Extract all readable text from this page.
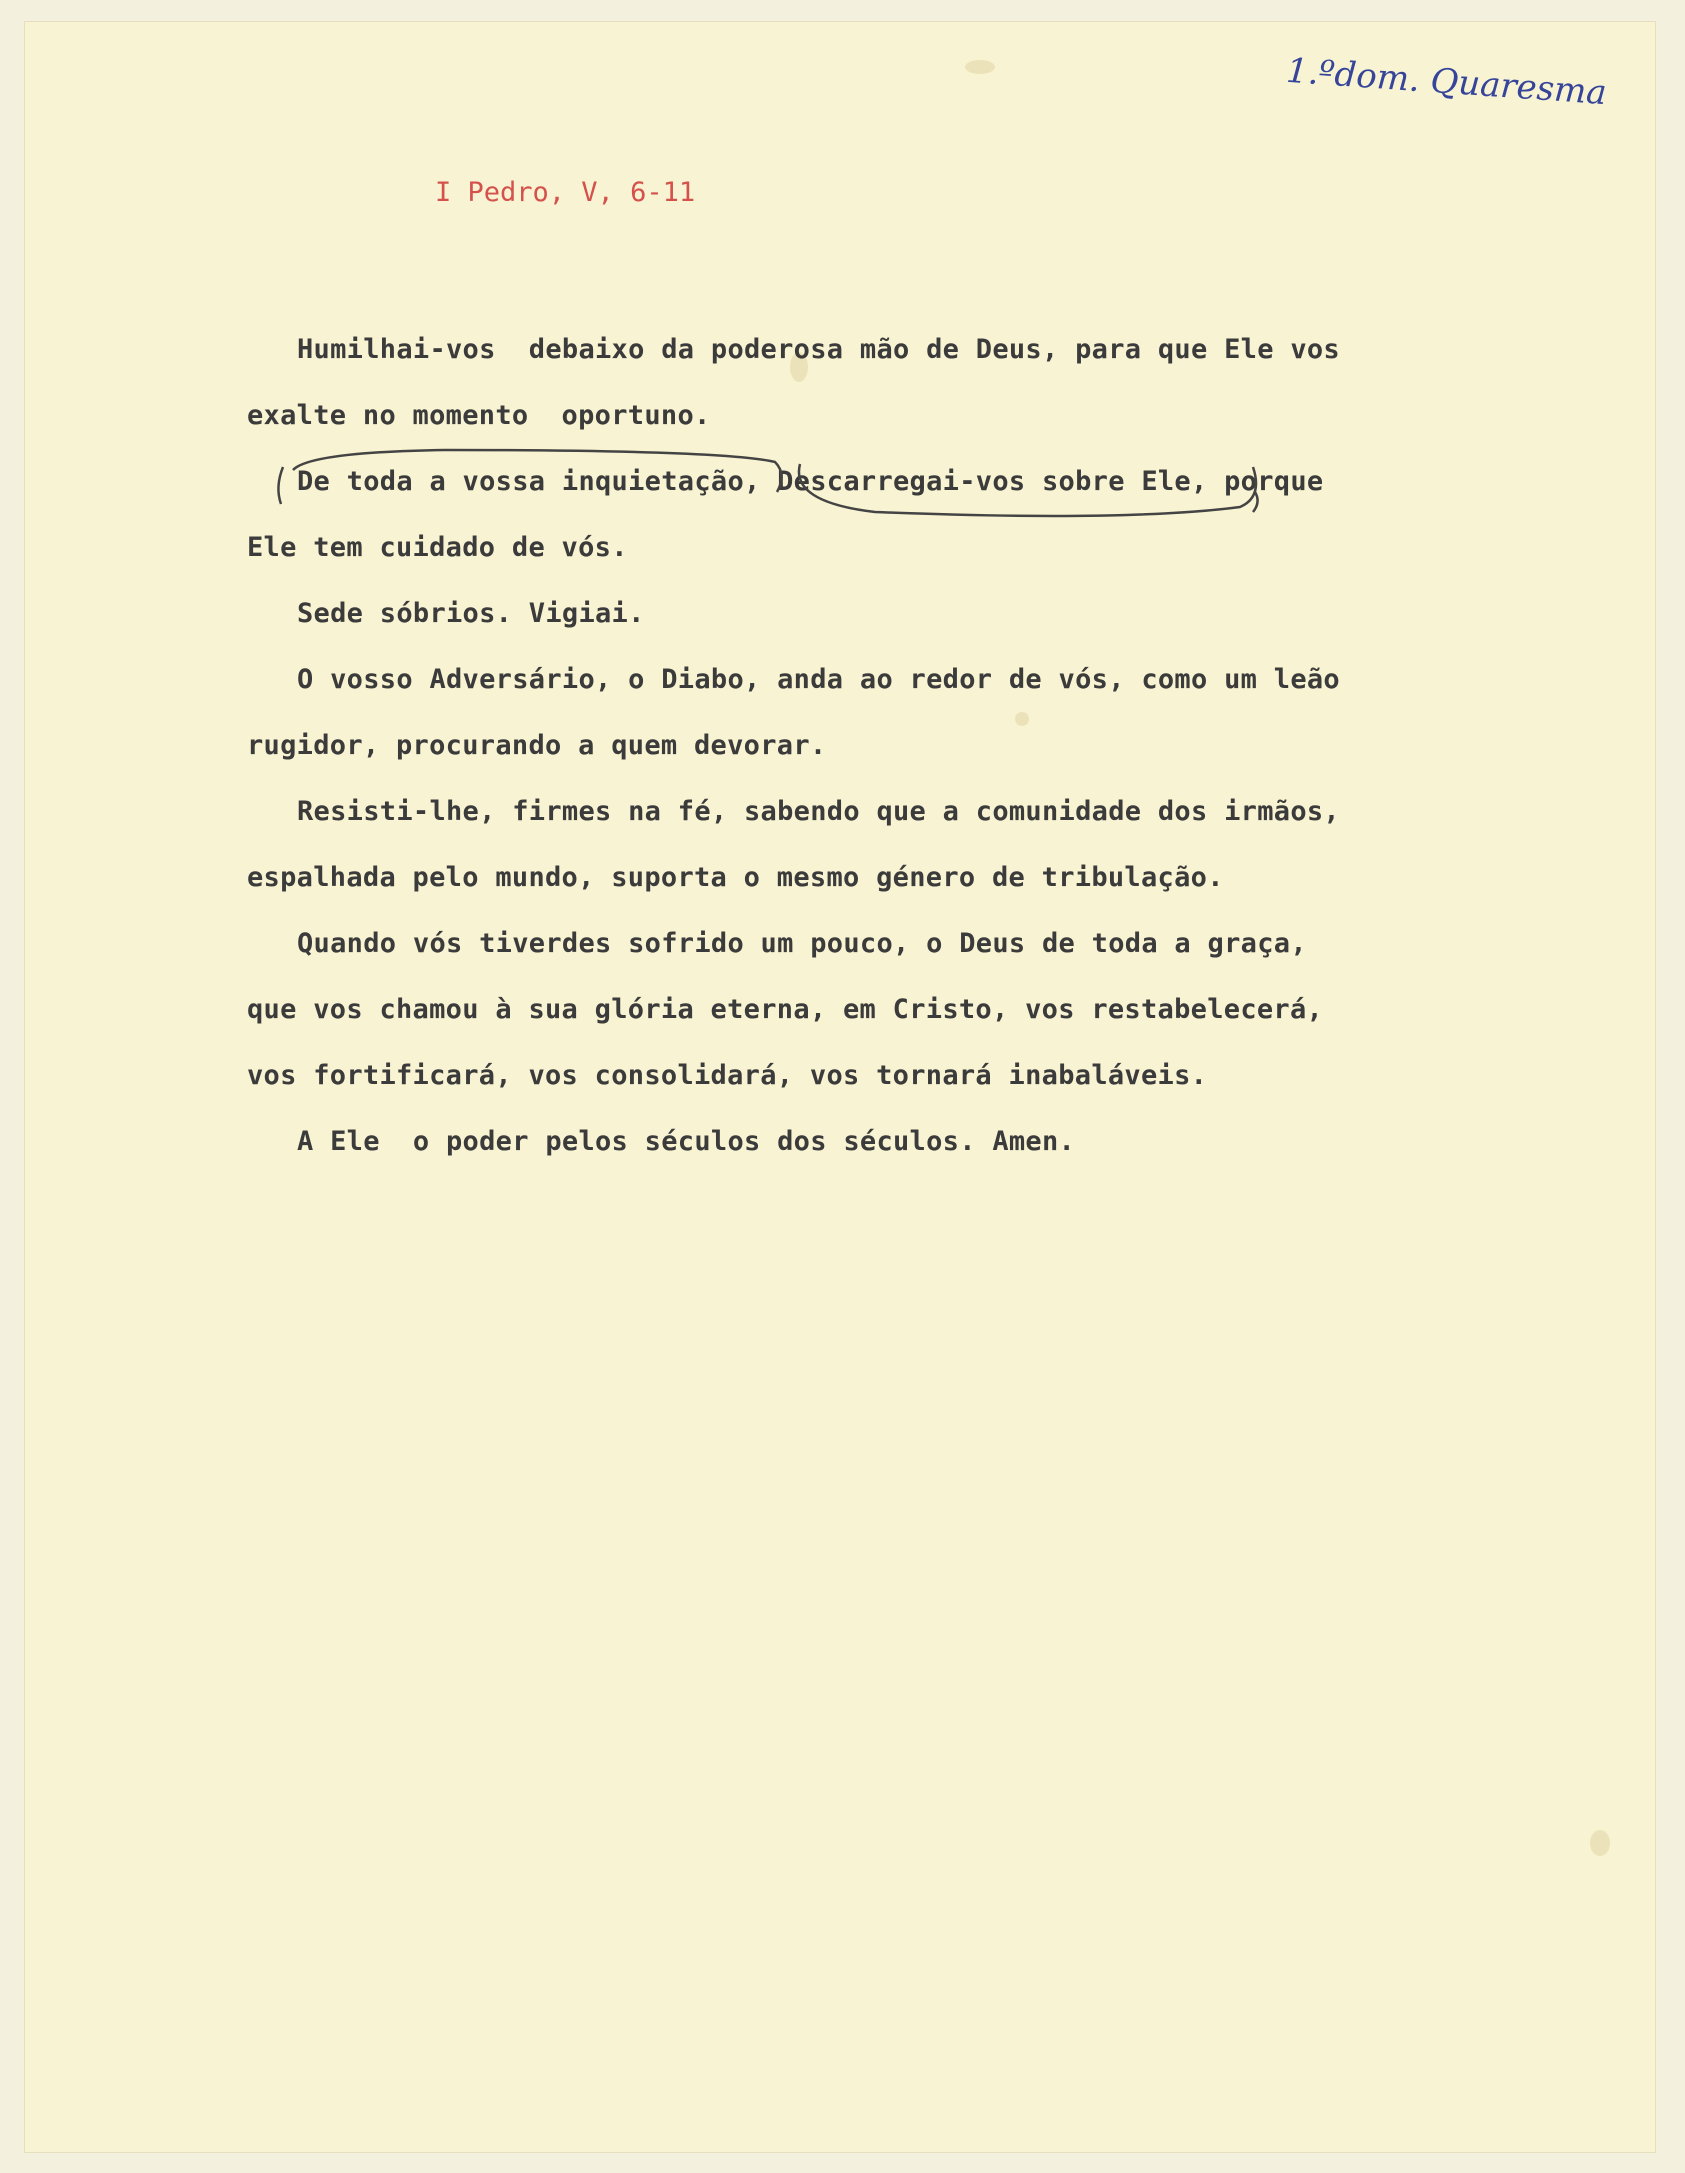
1.ºdom. Quaresma
I Pedro, V, 6-11
Humilhai-vos  debaixo da poderosa mão de Deus, para que Ele vos
exalte no momento  oportuno.
De toda a vossa inquietação, Descarregai-vos sobre Ele, porque
Ele tem cuidado de vós.
Sede sóbrios. Vigiai.
O vosso Adversário, o Diabo, anda ao redor de vós, como um leão
rugidor, procurando a quem devorar.
Resisti-lhe, firmes na fé, sabendo que a comunidade dos irmãos,
espalhada pelo mundo, suporta o mesmo género de tribulação.
Quando vós tiverdes sofrido um pouco, o Deus de toda a graça,
que vos chamou à sua glória eterna, em Cristo, vos restabelecerá,
vos fortificará, vos consolidará, vos tornará inabaláveis.
A Ele  o poder pelos séculos dos séculos. Amen.
